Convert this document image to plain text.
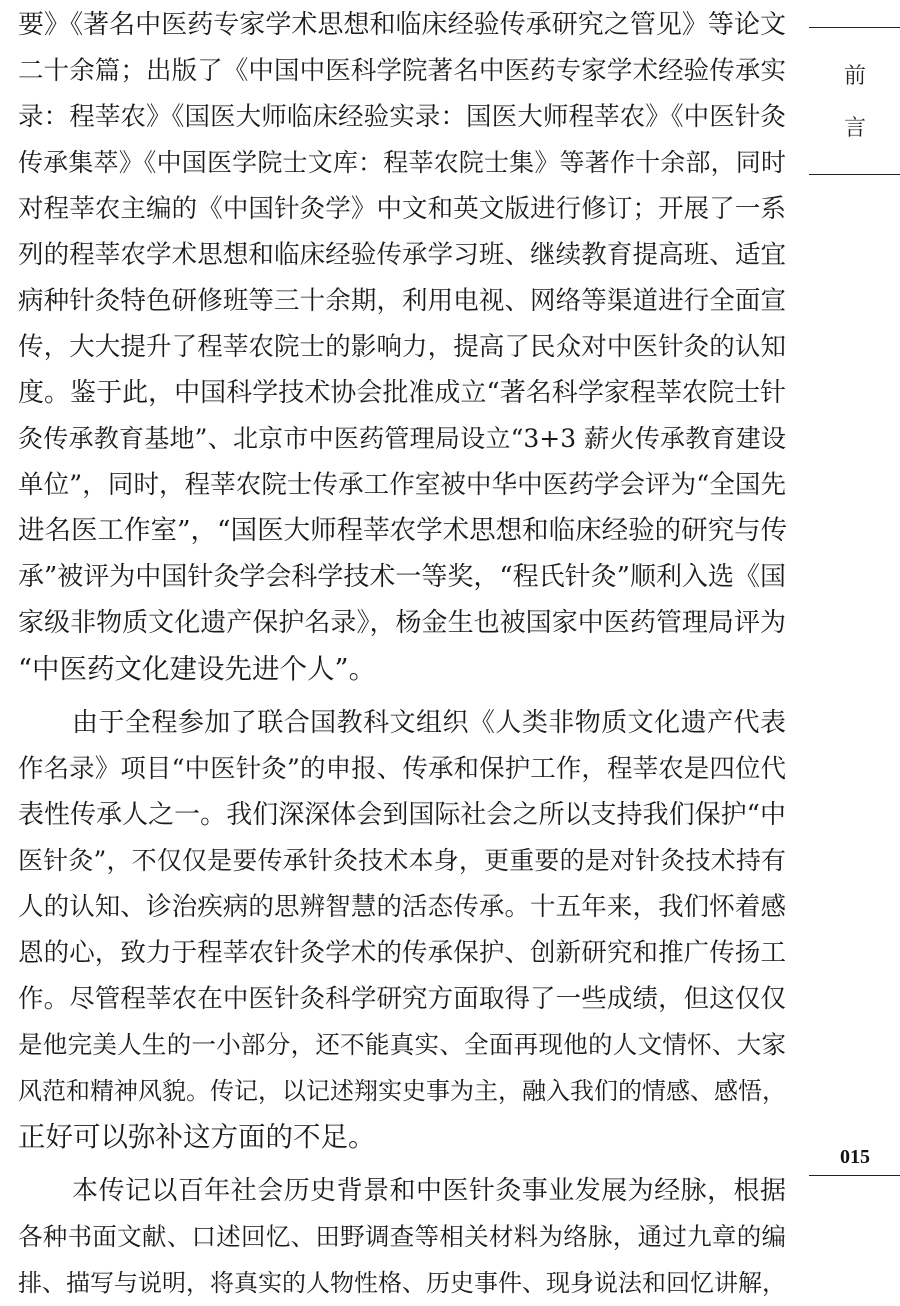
要》《著名中医药专家学术思想和临床经验传承研究之管见》等论文
二十余篇；出版了《中国中医科学院著名中医药专家学术经验传承实
录：程莘农》《国医大师临床经验实录：国医大师程莘农》《中医针灸
传承集萃》《中国医学院士文库：程莘农院士集》等著作十余部，同时
对程莘农主编的《中国针灸学》中文和英文版进行修订；开展了一系
列的程莘农学术思想和临床经验传承学习班、继续教育提高班、适宜
病种针灸特色研修班等三十余期，利用电视、网络等渠道进行全面宣
传，大大提升了程莘农院士的影响力，提高了民众对中医针灸的认知
度。鉴于此，中国科学技术协会批准成立“著名科学家程莘农院士针
灸传承教育基地”、北京市中医药管理局设立“3+3 薪火传承教育建设
单位”，同时，程莘农院士传承工作室被中华中医药学会评为“全国先
进名医工作室”，“国医大师程莘农学术思想和临床经验的研究与传
承”被评为中国针灸学会科学技术一等奖，“程氏针灸”顺利入选《国
家级非物质文化遗产保护名录》，杨金生也被国家中医药管理局评为
“中医药文化建设先进个人”。
由于全程参加了联合国教科文组织《人类非物质文化遗产代表
作名录》项目“中医针灸”的申报、传承和保护工作，程莘农是四位代
表性传承人之一。我们深深体会到国际社会之所以支持我们保护“中
医针灸”，不仅仅是要传承针灸技术本身，更重要的是对针灸技术持有
人的认知、诊治疾病的思辨智慧的活态传承。十五年来，我们怀着感
恩的心，致力于程莘农针灸学术的传承保护、创新研究和推广传扬工
作。尽管程莘农在中医针灸科学研究方面取得了一些成绩，但这仅仅
是他完美人生的一小部分，还不能真实、全面再现他的人文情怀、大家
风范和精神风貌。传记，以记述翔实史事为主，融入我们的情感、感悟，
正好可以弥补这方面的不足。
本传记以百年社会历史背景和中医针灸事业发展为经脉，根据
各种书面文献、口述回忆、田野调查等相关材料为络脉，通过九章的编
排、描写与说明，将真实的人物性格、历史事件、现身说法和回忆讲解，
前
言
015
